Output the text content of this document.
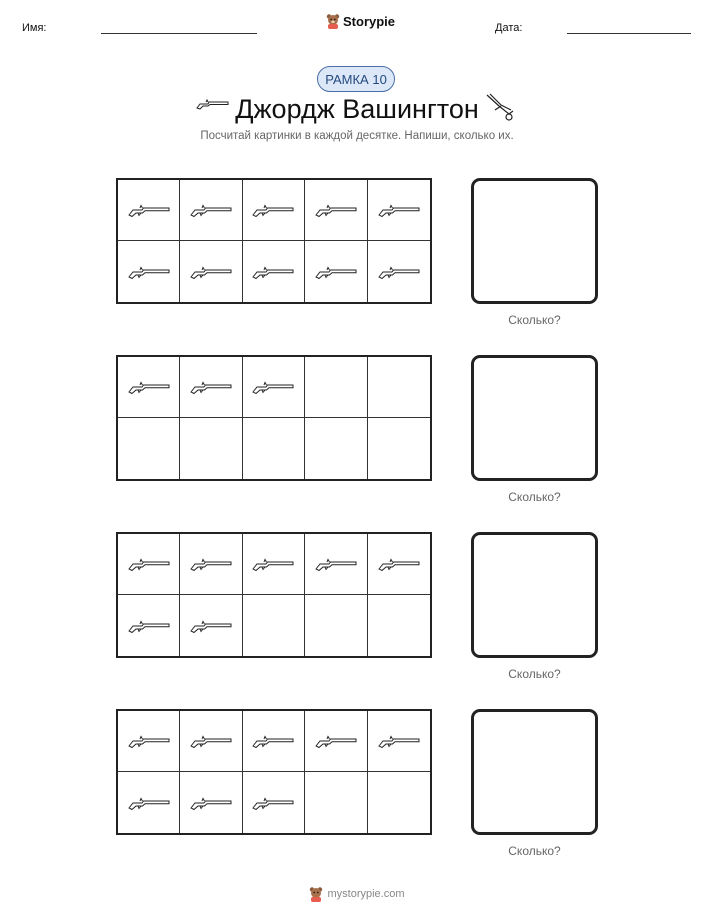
Имя:	Storypie	Дата:
РАМКА 10
Джордж Вашингтон
Посчитай картинки в каждой десятке. Напиши, сколько их.
Сколько?
Сколько?
Сколько?
Сколько?
mystorypie.com
